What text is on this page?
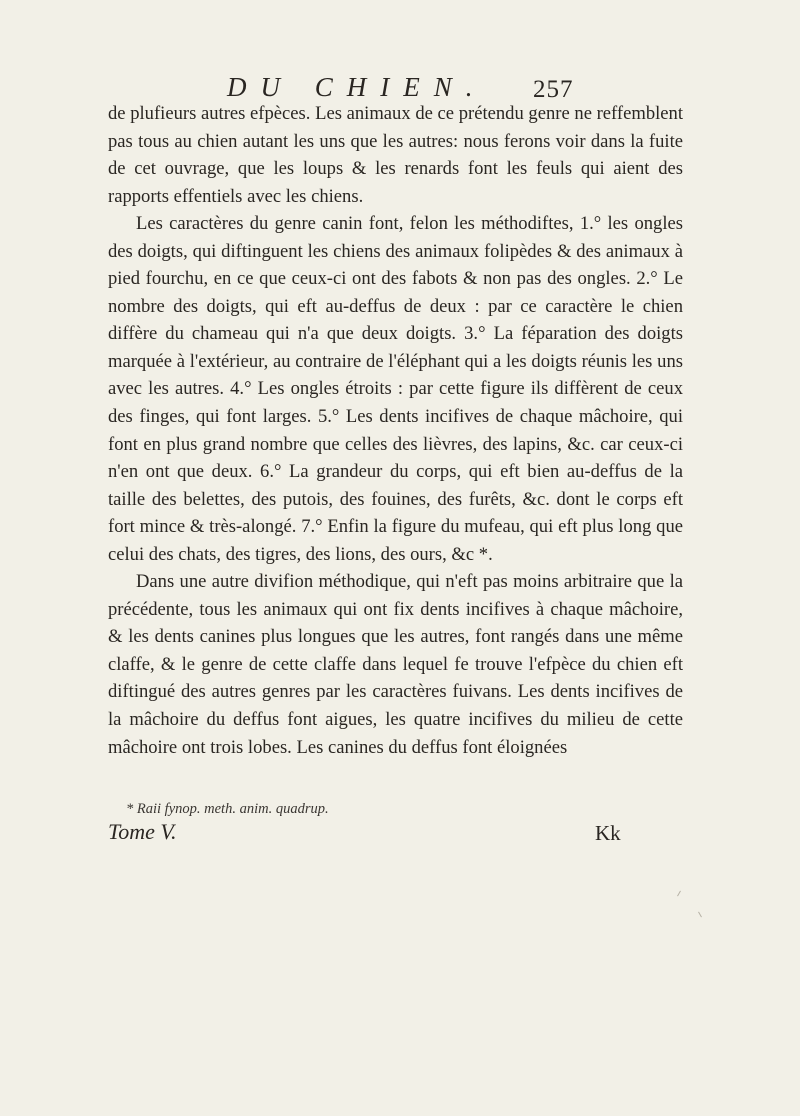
DU CHIEN. 257

de plufieurs autres efpèces. Les animaux de ce prétendu genre ne reffemblent pas tous au chien autant les uns que les autres: nous ferons voir dans la fuite de cet ouvrage, que les loups & les renards font les feuls qui aient des rapports effentiels avec les chiens.

Les caractères du genre canin font, felon les méthodiftes, 1.° les ongles des doigts, qui diftinguent les chiens des animaux folipèdes & des animaux à pied fourchu, en ce que ceux-ci ont des fabots & non pas des ongles. 2.° Le nombre des doigts, qui eft au-deffus de deux : par ce caractère le chien diffère du chameau qui n'a que deux doigts. 3.° La féparation des doigts marquée à l'extérieur, au contraire de l'éléphant qui a les doigts réunis les uns avec les autres. 4.° Les ongles étroits : par cette figure ils diffèrent de ceux des finges, qui font larges. 5.° Les dents incifives de chaque mâchoire, qui font en plus grand nombre que celles des lièvres, des lapins, &c. car ceux-ci n'en ont que deux. 6.° La grandeur du corps, qui eft bien au-deffus de la taille des belettes, des putois, des fouines, des furêts, &c. dont le corps eft fort mince & très-alongé. 7.° Enfin la figure du mufeau, qui eft plus long que celui des chats, des tigres, des lions, des ours, &c *.

Dans une autre divifion méthodique, qui n'eft pas moins arbitraire que la précédente, tous les animaux qui ont fix dents incifives à chaque mâchoire, & les dents canines plus longues que les autres, font rangés dans une même claffe, & le genre de cette claffe dans lequel fe trouve l'efpèce du chien eft diftingué des autres genres par les caractères fuivans. Les dents incifives de la mâchoire du deffus font aigues, les quatre incifives du milieu de cette mâchoire ont trois lobes. Les canines du deffus font éloignées

* Raii fynop. meth. anim. quadrup.
Tome V.	Kk
